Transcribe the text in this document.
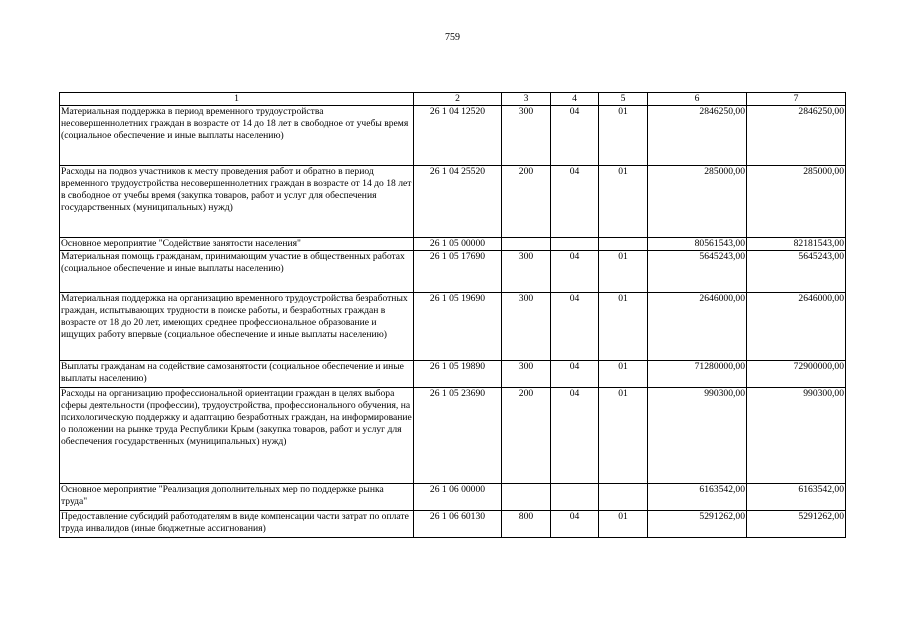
759
1	2	3	4	5	6	7
Материальная поддержка в период временного трудоустройства несовершеннолетних граждан в возрасте от 14 до 18 лет в свободное от учебы время (социальное обеспечение и иные выплаты населению)	26 1 04 12520	300	04	01	2846250,00	2846250,00
Расходы на подвоз участников к месту проведения работ и обратно в период временного трудоустройства несовершеннолетних граждан в возрасте от 14 до 18 лет в свободное от учебы время (закупка товаров, работ и услуг для обеспечения государственных (муниципальных) нужд)	26 1 04 25520	200	04	01	285000,00	285000,00
Основное мероприятие "Содействие занятости населения"	26 1 05 00000				80561543,00	82181543,00
Материальная помощь гражданам, принимающим участие в общественных работах (социальное обеспечение и иные выплаты населению)	26 1 05 17690	300	04	01	5645243,00	5645243,00
Материальная поддержка на организацию временного трудоустройства безработных граждан, испытывающих трудности в поиске работы, и безработных граждан в возрасте от 18 до 20 лет, имеющих среднее профессиональное образование и ищущих работу впервые (социальное обеспечение и иные выплаты населению)	26 1 05 19690	300	04	01	2646000,00	2646000,00
Выплаты гражданам на содействие самозанятости (социальное обеспечение и иные выплаты населению)	26 1 05 19890	300	04	01	71280000,00	72900000,00
Расходы на организацию профессиональной ориентации граждан в целях выбора сферы деятельности (профессии), трудоустройства, профессионального обучения, на психологическую поддержку и адаптацию безработных граждан, на информирование о положении на рынке труда Республики Крым (закупка товаров, работ и услуг для обеспечения государственных (муниципальных) нужд)	26 1 05 23690	200	04	01	990300,00	990300,00
Основное мероприятие "Реализация дополнительных мер по поддержке рынка труда"	26 1 06 00000				6163542,00	6163542,00
Предоставление субсидий работодателям в виде компенсации части затрат по оплате труда инвалидов (иные бюджетные ассигнования)	26 1 06 60130	800	04	01	5291262,00	5291262,00
